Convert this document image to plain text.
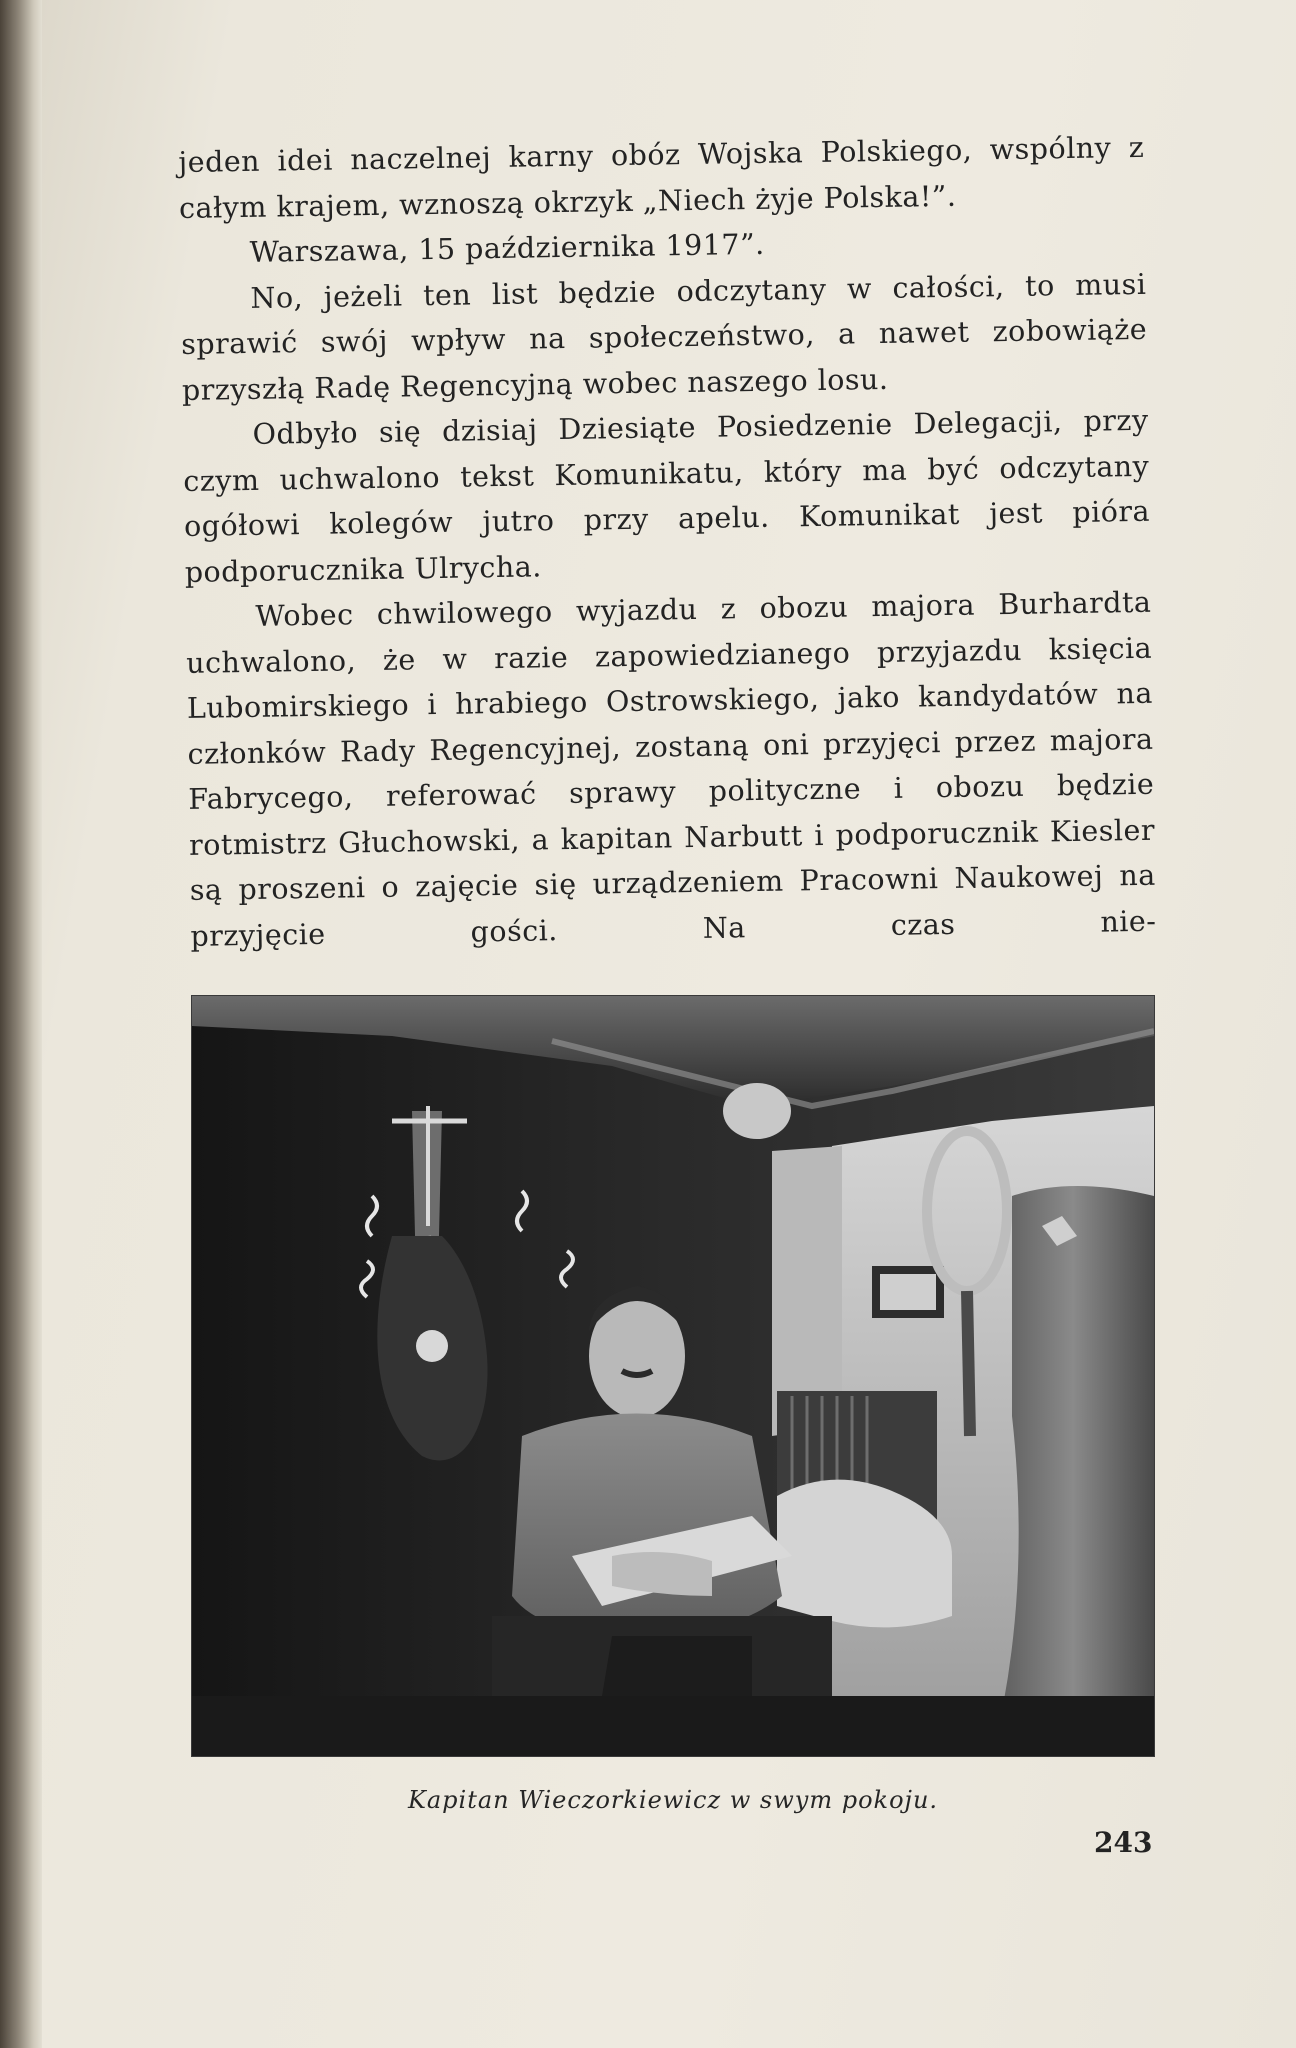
jeden idei naczelnej karny obóz Wojska Polskiego, wspólny z całym krajem, wznoszą okrzyk „Niech żyje Polska!”.

Warszawa, 15 października 1917”.

No, jeżeli ten list będzie odczytany w całości, to musi sprawić swój wpływ na społeczeństwo, a nawet zobowiąże przyszłą Radę Regencyjną wobec naszego losu.

Odbyło się dzisiaj Dziesiąte Posiedzenie Delegacji, przy czym uchwalono tekst Komunikatu, który ma być odczytany ogółowi kolegów jutro przy apelu. Komunikat jest pióra podporucznika Ulrycha.

Wobec chwilowego wyjazdu z obozu majora Burhardta uchwalono, że w razie zapowiedzianego przyjazdu księcia Lubomirskiego i hrabiego Ostrowskiego, jako kandydatów na członków Rady Regencyjnej, zostaną oni przyjęci przez majora Fabrycego, referować sprawy polityczne i obozu będzie rotmistrz Głuchowski, a kapitan Narbutt i podporucznik Kiesler są proszeni o zajęcie się urządzeniem Pracowni Naukowej na przyjęcie gości. Na czas nie-

Kapitan Wieczorkiewicz w swym pokoju.
243
